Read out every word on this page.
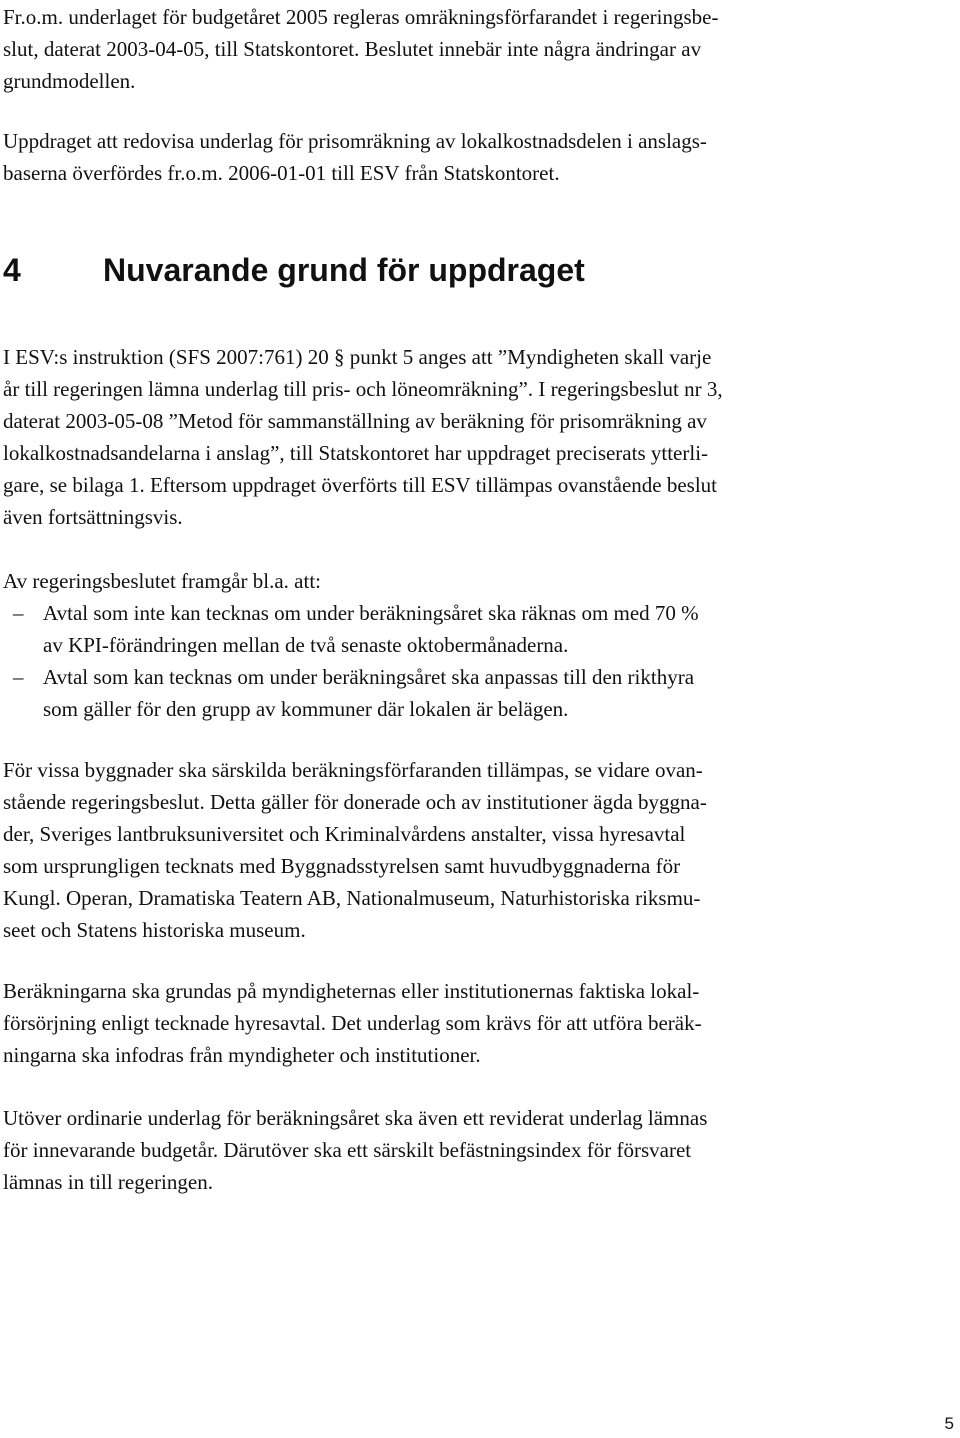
Fr.o.m. underlaget för budgetåret 2005 regleras omräkningsförfarandet i regeringsbe-
slut, daterat 2003-04-05, till Statskontoret. Beslutet innebär inte några ändringar av
grundmodellen.

Uppdraget att redovisa underlag för prisomräkning av lokalkostnadsdelen i anslags-
baserna överfördes fr.o.m. 2006-01-01 till ESV från Statskontoret.

4	Nuvarande grund för uppdraget

I ESV:s instruktion (SFS 2007:761) 20 § punkt 5 anges att ”Myndigheten skall varje
år till regeringen lämna underlag till pris- och löneomräkning”. I regeringsbeslut nr 3,
daterat 2003-05-08 ”Metod för sammanställning av beräkning för prisomräkning av
lokalkostnadsandelarna i anslag”, till Statskontoret har uppdraget preciserats ytterli-
gare, se bilaga 1. Eftersom uppdraget överförts till ESV tillämpas ovanstående beslut
även fortsättningsvis.

Av regeringsbeslutet framgår bl.a. att:

– Avtal som inte kan tecknas om under beräkningsåret ska räknas om med 70 %
av KPI-förändringen mellan de två senaste oktobermånaderna.
– Avtal som kan tecknas om under beräkningsåret ska anpassas till den rikthyra
som gäller för den grupp av kommuner där lokalen är belägen.

För vissa byggnader ska särskilda beräkningsförfaranden tillämpas, se vidare ovan-
stående regeringsbeslut. Detta gäller för donerade och av institutioner ägda byggna-
der, Sveriges lantbruksuniversitet och Kriminalvårdens anstalter, vissa hyresavtal
som ursprungligen tecknats med Byggnadsstyrelsen samt huvudbyggnaderna för
Kungl. Operan, Dramatiska Teatern AB, Nationalmuseum, Naturhistoriska riksmu-
seet och Statens historiska museum.

Beräkningarna ska grundas på myndigheternas eller institutionernas faktiska lokal-
försörjning enligt tecknade hyresavtal. Det underlag som krävs för att utföra beräk-
ningarna ska infodras från myndigheter och institutioner.

Utöver ordinarie underlag för beräkningsåret ska även ett reviderat underlag lämnas
för innevarande budgetår. Därutöver ska ett särskilt befästningsindex för försvaret
lämnas in till regeringen.

5
